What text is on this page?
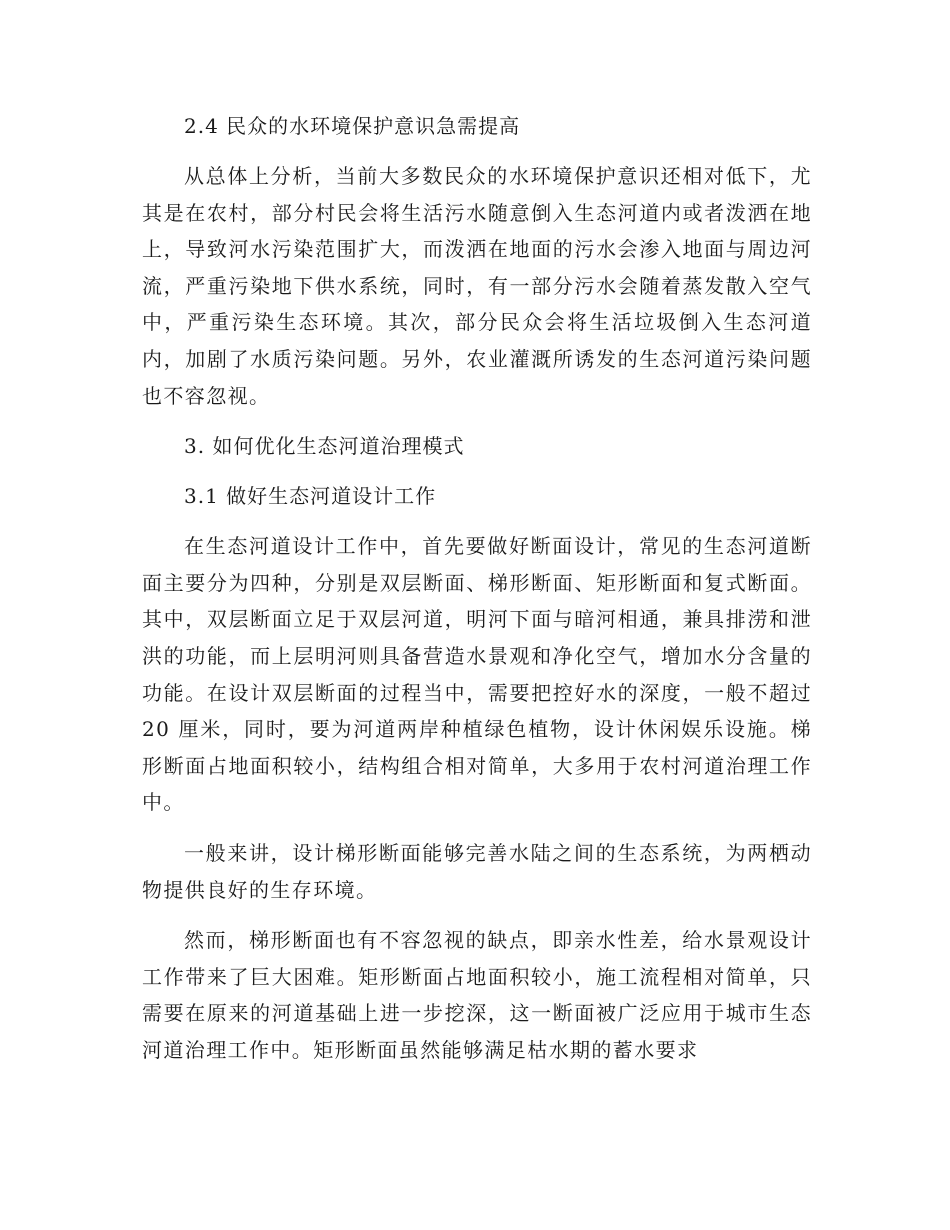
2.4 民众的水环境保护意识急需提高

从总体上分析，当前大多数民众的水环境保护意识还相对低下，尤其是在农村，部分村民会将生活污水随意倒入生态河道内或者泼洒在地上，导致河水污染范围扩大，而泼洒在地面的污水会渗入地面与周边河流，严重污染地下供水系统，同时，有一部分污水会随着蒸发散入空气中，严重污染生态环境。其次，部分民众会将生活垃圾倒入生态河道内，加剧了水质污染问题。另外，农业灌溉所诱发的生态河道污染问题也不容忽视。

3. 如何优化生态河道治理模式
3.1 做好生态河道设计工作

在生态河道设计工作中，首先要做好断面设计，常见的生态河道断面主要分为四种，分别是双层断面、梯形断面、矩形断面和复式断面。其中，双层断面立足于双层河道，明河下面与暗河相通，兼具排涝和泄洪的功能，而上层明河则具备营造水景观和净化空气，增加水分含量的功能。在设计双层断面的过程当中，需要把控好水的深度，一般不超过 20 厘米，同时，要为河道两岸种植绿色植物，设计休闲娱乐设施。梯形断面占地面积较小，结构组合相对简单，大多用于农村河道治理工作中。

一般来讲，设计梯形断面能够完善水陆之间的生态系统，为两栖动物提供良好的生存环境。

然而，梯形断面也有不容忽视的缺点，即亲水性差，给水景观设计工作带来了巨大困难。矩形断面占地面积较小，施工流程相对简单，只需要在原来的河道基础上进一步挖深，这一断面被广泛应用于城市生态河道治理工作中。矩形断面虽然能够满足枯水期的蓄水要求
